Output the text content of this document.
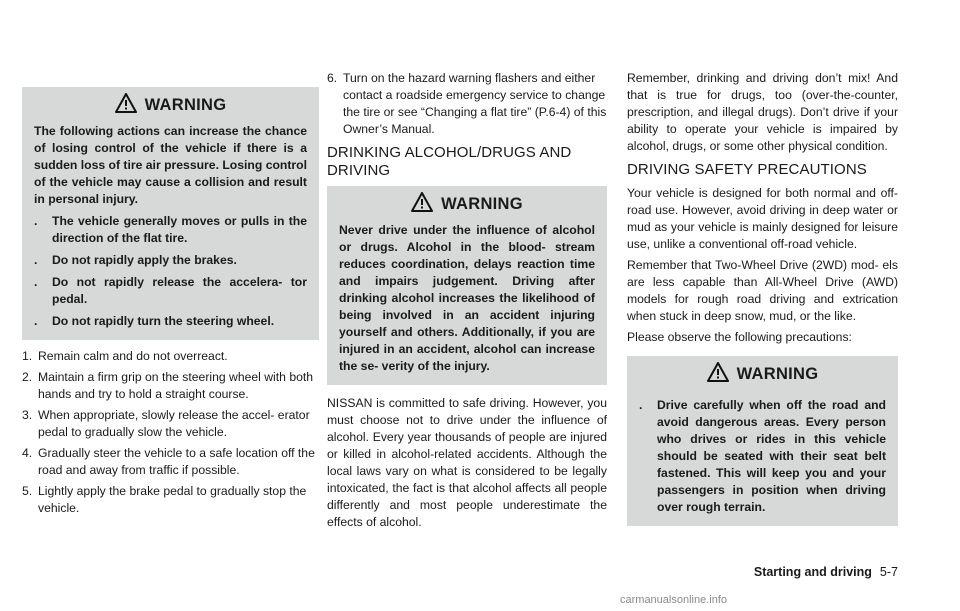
WARNING

The following actions can increase the chance of losing control of the vehicle if there is a sudden loss of tire air pressure. Losing control of the vehicle may cause a collision and result in personal injury.

.	The vehicle generally moves or pulls in the direction of the flat tire.
.	Do not rapidly apply the brakes.
.	Do not rapidly release the accelera- tor pedal.
.	Do not rapidly turn the steering wheel.
1. Remain calm and do not overreact.
2. Maintain a firm grip on the steering wheel with both hands and try to hold a straight course.
3. When appropriate, slowly release the accel- erator pedal to gradually slow the vehicle.
4. Gradually steer the vehicle to a safe location off the road and away from traffic if possible.
5. Lightly apply the brake pedal to gradually stop the vehicle.
6. Turn on the hazard warning flashers and either contact a roadside emergency service to change the tire or see “Changing a flat tire” (P.6-4) of this Owner’s Manual.
DRINKING ALCOHOL/DRUGS AND DRIVING
WARNING

Never drive under the influence of alcohol or drugs. Alcohol in the blood- stream reduces coordination, delays reaction time and impairs judgement. Driving after drinking alcohol increases the likelihood of being involved in an accident injuring yourself and others. Additionally, if you are injured in an accident, alcohol can increase the se- verity of the injury.

NISSAN is committed to safe driving. However, you must choose not to drive under the influence of alcohol. Every year thousands of people are injured or killed in alcohol-related accidents. Although the local laws vary on what is considered to be legally intoxicated, the fact is that alcohol affects all people differently and most people underestimate the effects of alcohol.

Remember, drinking and driving don’t mix! And that is true for drugs, too (over-the-counter, prescription, and illegal drugs). Don’t drive if your ability to operate your vehicle is impaired by alcohol, drugs, or some other physical condition.

DRIVING SAFETY PRECAUTIONS

Your vehicle is designed for both normal and off-road use. However, avoid driving in deep water or mud as your vehicle is mainly designed for leisure use, unlike a conventional off-road vehicle.

Remember that Two-Wheel Drive (2WD) mod- els are less capable than All-Wheel Drive (AWD) models for rough road driving and extrication when stuck in deep snow, mud, or the like.

Please observe the following precautions:

WARNING
.	Drive carefully when off the road and avoid dangerous areas. Every person who drives or rides in this vehicle should be seated with their seat belt fastened. This will keep you and your passengers in position when driving over rough terrain.
Starting and driving 5-7
carmanualsonline.info
